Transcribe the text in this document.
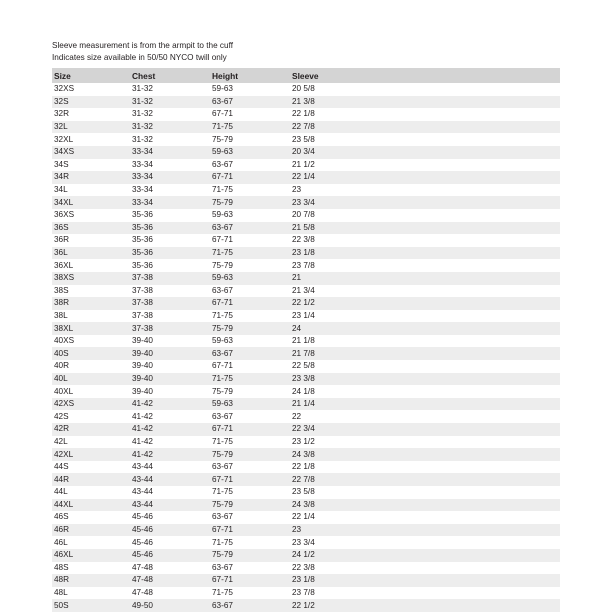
Sleeve measurement is from the armpit to the cuff
Indicates size available in 50/50 NYCO twill only
Size	Chest	Height	Sleeve
32XS	31-32	59-63	20 5/8
32S	31-32	63-67	21 3/8
32R	31-32	67-71	22 1/8
32L	31-32	71-75	22 7/8
32XL	31-32	75-79	23 5/8
34XS	33-34	59-63	20 3/4
34S	33-34	63-67	21 1/2
34R	33-34	67-71	22 1/4
34L	33-34	71-75	23
34XL	33-34	75-79	23 3/4
36XS	35-36	59-63	20 7/8
36S	35-36	63-67	21 5/8
36R	35-36	67-71	22 3/8
36L	35-36	71-75	23 1/8
36XL	35-36	75-79	23 7/8
38XS	37-38	59-63	21
38S	37-38	63-67	21 3/4
38R	37-38	67-71	22 1/2
38L	37-38	71-75	23 1/4
38XL	37-38	75-79	24
40XS	39-40	59-63	21 1/8
40S	39-40	63-67	21 7/8
40R	39-40	67-71	22 5/8
40L	39-40	71-75	23 3/8
40XL	39-40	75-79	24 1/8
42XS	41-42	59-63	21 1/4
42S	41-42	63-67	22
42R	41-42	67-71	22 3/4
42L	41-42	71-75	23 1/2
42XL	41-42	75-79	24 3/8
44S	43-44	63-67	22 1/8
44R	43-44	67-71	22 7/8
44L	43-44	71-75	23 5/8
44XL	43-44	75-79	24 3/8
46S	45-46	63-67	22 1/4
46R	45-46	67-71	23
46L	45-46	71-75	23 3/4
46XL	45-46	75-79	24 1/2
48S	47-48	63-67	22 3/8
48R	47-48	67-71	23 1/8
48L	47-48	71-75	23 7/8
50S	49-50	63-67	22 1/2
